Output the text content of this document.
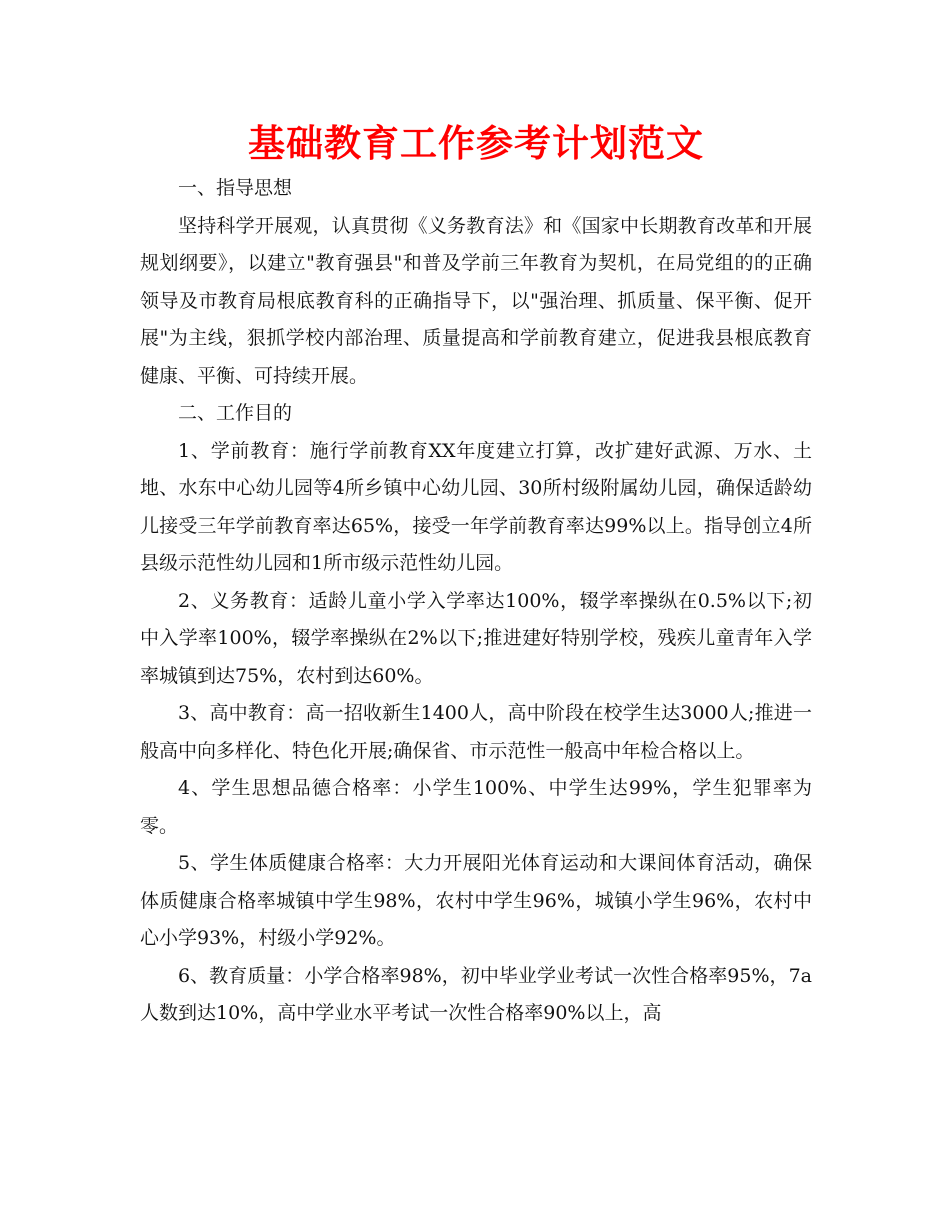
基础教育工作参考计划范文

一、指导思想

坚持科学开展观，认真贯彻《义务教育法》和《国家中长期教育改革和开展规划纲要》，以建立"教育强县"和普及学前三年教育为契机，在局党组的的正确领导及市教育局根底教育科的正确指导下，以"强治理、抓质量、保平衡、促开展"为主线，狠抓学校内部治理、质量提高和学前教育建立，促进我县根底教育健康、平衡、可持续开展。

二、工作目的

1、学前教育：施行学前教育XX年度建立打算，改扩建好武源、万水、土地、水东中心幼儿园等4所乡镇中心幼儿园、30所村级附属幼儿园，确保适龄幼儿接受三年学前教育率达65%，接受一年学前教育率达99%以上。指导创立4所县级示范性幼儿园和1所市级示范性幼儿园。

2、义务教育：适龄儿童小学入学率达100%，辍学率操纵在0.5%以下;初中入学率100%，辍学率操纵在2%以下;推进建好特别学校，残疾儿童青年入学率城镇到达75%，农村到达60%。

3、高中教育：高一招收新生1400人，高中阶段在校学生达3000人;推进一般高中向多样化、特色化开展;确保省、市示范性一般高中年检合格以上。

4、学生思想品德合格率：小学生100%、中学生达99%，学生犯罪率为零。

5、学生体质健康合格率：大力开展阳光体育运动和大课间体育活动，确保体质健康合格率城镇中学生98%，农村中学生96%，城镇小学生96%，农村中心小学93%，村级小学92%。

6、教育质量：小学合格率98%，初中毕业学业考试一次性合格率95%，7a人数到达10%，高中学业水平考试一次性合格率90%以上，高
